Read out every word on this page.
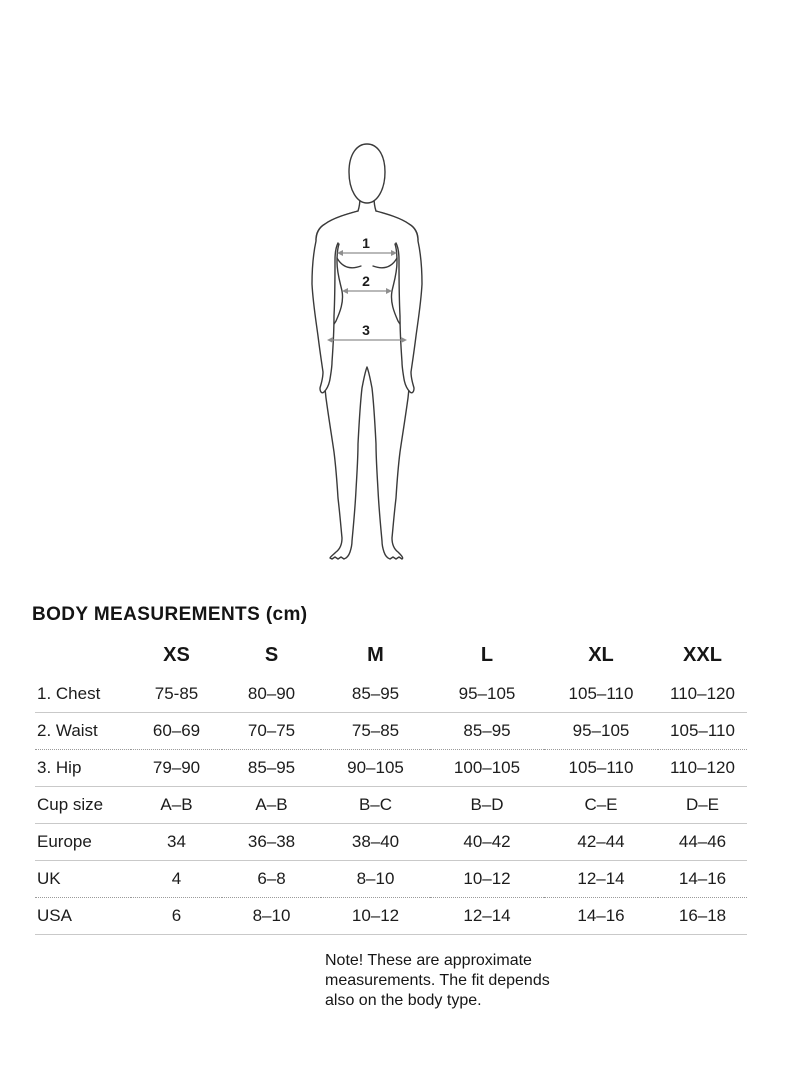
1
2
3
BODY MEASUREMENTS (cm)
	XS	S	M	L	XL	XXL
1. Chest	75-85	80–90	85–95	95–105	105–110	110–120
2. Waist	60–69	70–75	75–85	85–95	95–105	105–110
3. Hip	79–90	85–95	90–105	100–105	105–110	110–120
Cup size	A–B	A–B	B–C	B–D	C–E	D–E
Europe	34	36–38	38–40	40–42	42–44	44–46
UK	4	6–8	8–10	10–12	12–14	14–16
USA	6	8–10	10–12	12–14	14–16	16–18
Note! These are approximate
measurements. The fit depends
also on the body type.
